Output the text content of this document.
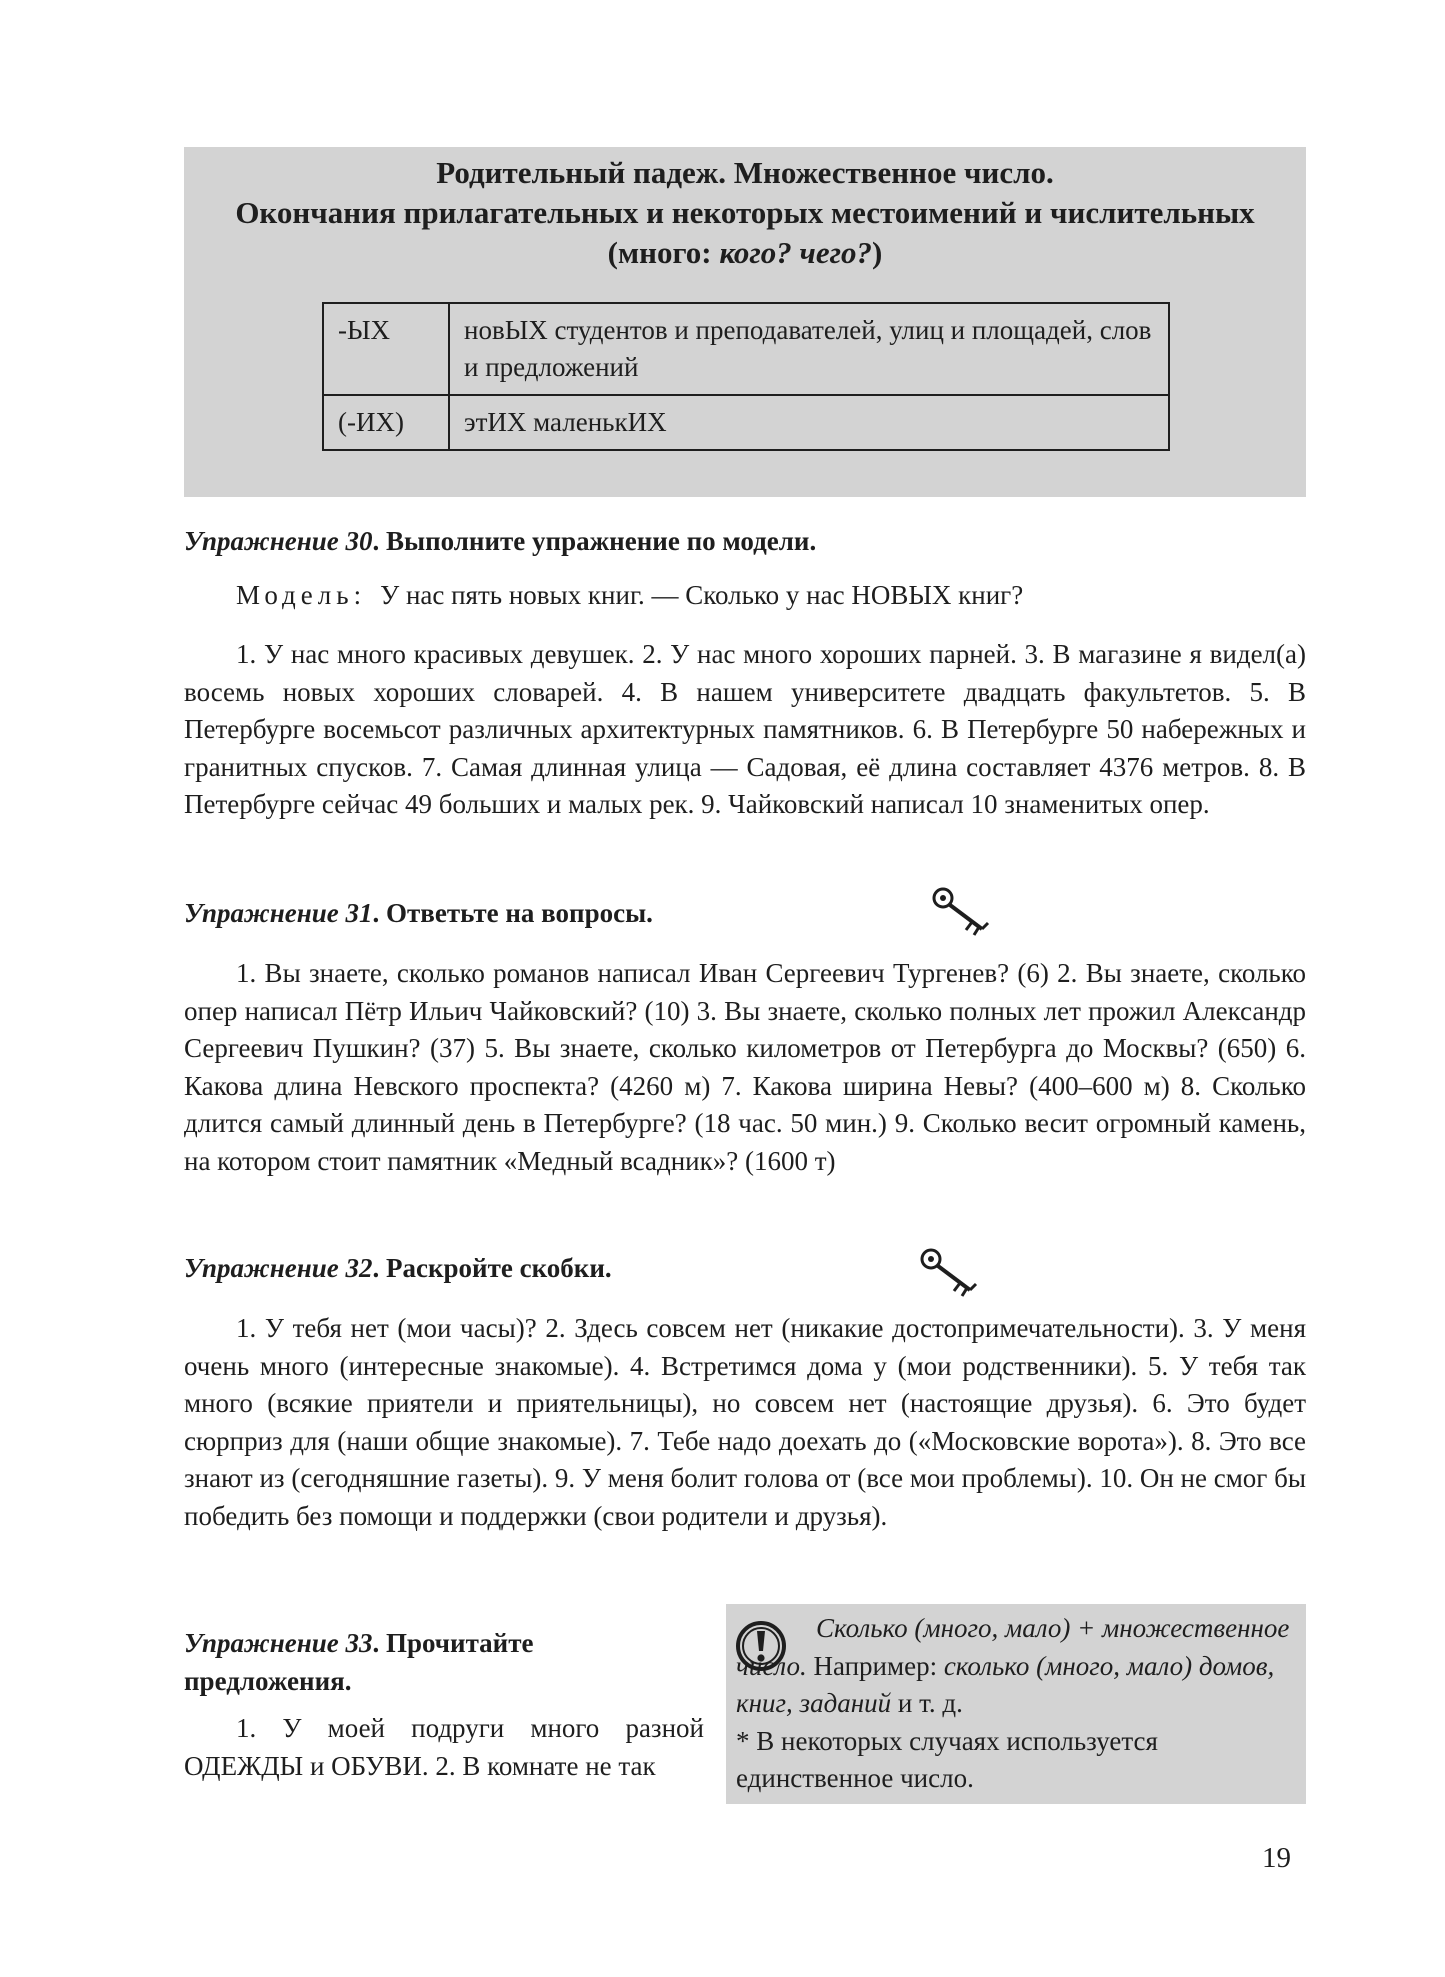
Родительный падеж. Множественное число.
Окончания прилагательных и некоторых местоимений и числительных
(много: кого? чего?)
-ЫХ	новЫХ студентов и преподавателей, улиц и площадей, слов и предложений
(-ИХ)	этИХ маленькИХ
Упражнение 30. Выполните упражнение по модели.
Модель: У нас пять новых книг. — Сколько у нас НОВЫХ книг?
1. У нас много красивых девушек. 2. У нас много хороших парней. 3. В магазине я видел(а) восемь новых хороших словарей. 4. В нашем университете двадцать факультетов. 5. В Петербурге восемьсот различных архитектурных памятников. 6. В Петербурге 50 набережных и гранитных спусков. 7. Самая длинная улица — Садовая, её длина составляет 4376 метров. 8. В Петербурге сейчас 49 больших и малых рек. 9. Чайковский написал 10 знаменитых опер.
Упражнение 31. Ответьте на вопросы.
1. Вы знаете, сколько романов написал Иван Сергеевич Тургенев? (6) 2. Вы знаете, сколько опер написал Пётр Ильич Чайковский? (10) 3. Вы знаете, сколько полных лет прожил Александр Сергеевич Пушкин? (37) 5. Вы знаете, сколько километров от Петербурга до Москвы? (650) 6. Какова длина Невского проспекта? (4260 м) 7. Какова ширина Невы? (400–600 м) 8. Сколько длится самый длинный день в Петербурге? (18 час. 50 мин.) 9. Сколько весит огромный камень, на котором стоит памятник «Медный всадник»? (1600 т)
Упражнение 32. Раскройте скобки.
1. У тебя нет (мои часы)? 2. Здесь совсем нет (никакие достопримечательности). 3. У меня очень много (интересные знакомые). 4. Встретимся дома у (мои родственники). 5. У тебя так много (всякие приятели и приятельницы), но совсем нет (настоящие друзья). 6. Это будет сюрприз для (наши общие знакомые). 7. Тебе надо доехать до («Московские ворота»). 8. Это все знают из (сегодняшние газеты). 9. У меня болит голова от (все мои проблемы). 10. Он не смог бы победить без помощи и поддержки (свои родители и друзья).
Упражнение 33. Прочитайте предложения.
1. У моей подруги много разной ОДЕЖДЫ и ОБУВИ. 2. В комнате не так
Сколько (много, мало) + множественное число. Например: сколько (много, мало) домов, книг, заданий и т. д.
* В некоторых случаях используется единственное число.
19
